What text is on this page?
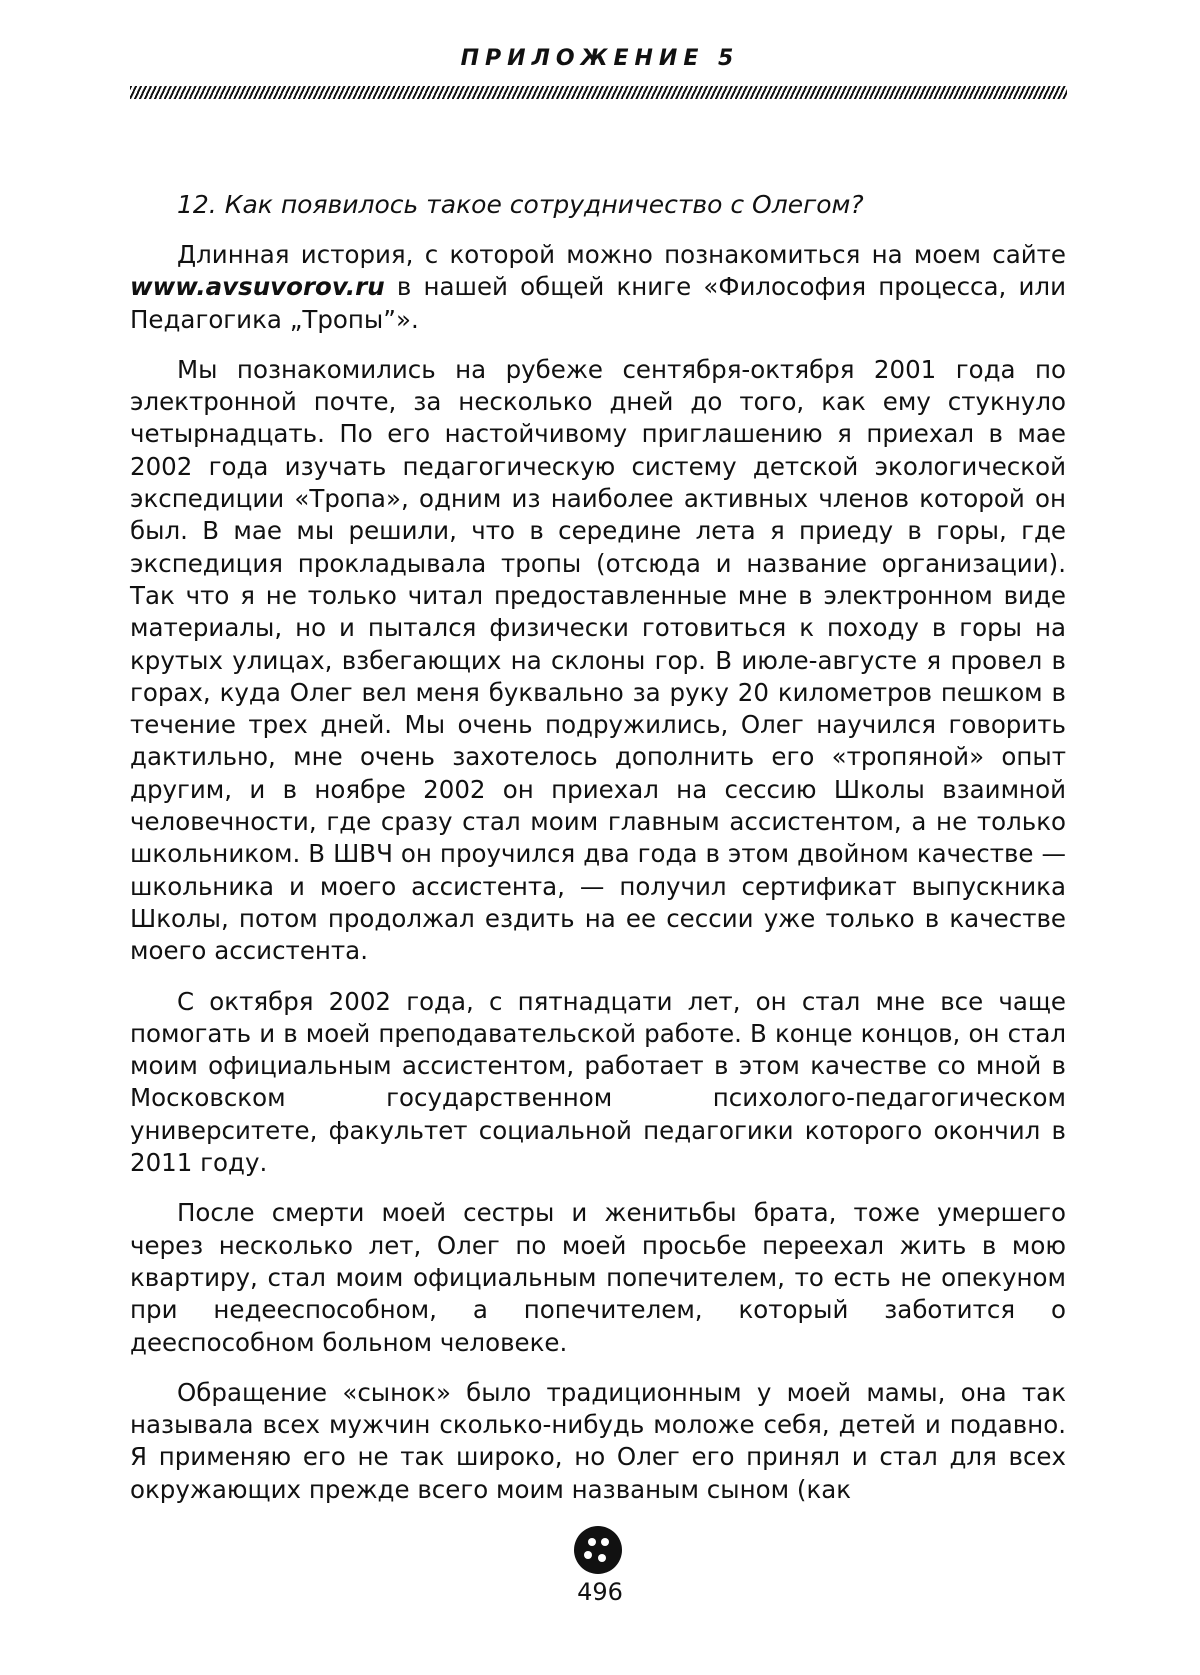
ПРИЛОЖЕНИЕ 5

12. Как появилось такое сотрудничество с Олегом?

Длинная история, с которой можно познакомиться на моем сайте www.avsuvorov.ru в нашей общей книге «Философия процесса, или Педагогика „Тропы”».

Мы познакомились на рубеже сентября-октября 2001 года по электронной почте, за несколько дней до того, как ему стукнуло четырнадцать. По его настойчивому приглашению я приехал в мае 2002 года изучать педагогическую систему детской экологической экспедиции «Тропа», одним из наиболее активных членов которой он был. В мае мы решили, что в середине лета я приеду в горы, где экспедиция прокладывала тропы (отсюда и название организации). Так что я не только читал предоставленные мне в электронном виде материалы, но и пытался физически готовиться к походу в горы на крутых улицах, взбегающих на склоны гор. В июле-августе я провел в горах, куда Олег вел меня буквально за руку 20 километров пешком в течение трех дней. Мы очень подружились, Олег научился говорить дактильно, мне очень захотелось дополнить его «тропяной» опыт другим, и в ноябре 2002 он приехал на сессию Школы взаимной человечности, где сразу стал моим главным ассистентом, а не только школьником. В ШВЧ он проучился два года в этом двойном качестве — школьника и моего ассистента, — получил сертификат выпускника Школы, потом продолжал ездить на ее сессии уже только в качестве моего ассистента.

С октября 2002 года, с пятнадцати лет, он стал мне все чаще помогать и в моей преподавательской работе. В конце концов, он стал моим официальным ассистентом, работает в этом качестве со мной в Московском государственном психолого-педагогическом университете, факультет социальной педагогики которого окончил в 2011 году.

После смерти моей сестры и женитьбы брата, тоже умершего через несколько лет, Олег по моей просьбе переехал жить в мою квартиру, стал моим официальным попечителем, то есть не опекуном при недееспособном, а попечителем, который заботится о дееспособном больном человеке.

Обращение «сынок» было традиционным у моей мамы, она так называла всех мужчин сколько-нибудь моложе себя, детей и подавно. Я применяю его не так широко, но Олег его принял и стал для всех окружающих прежде всего моим названым сыном (как

496
